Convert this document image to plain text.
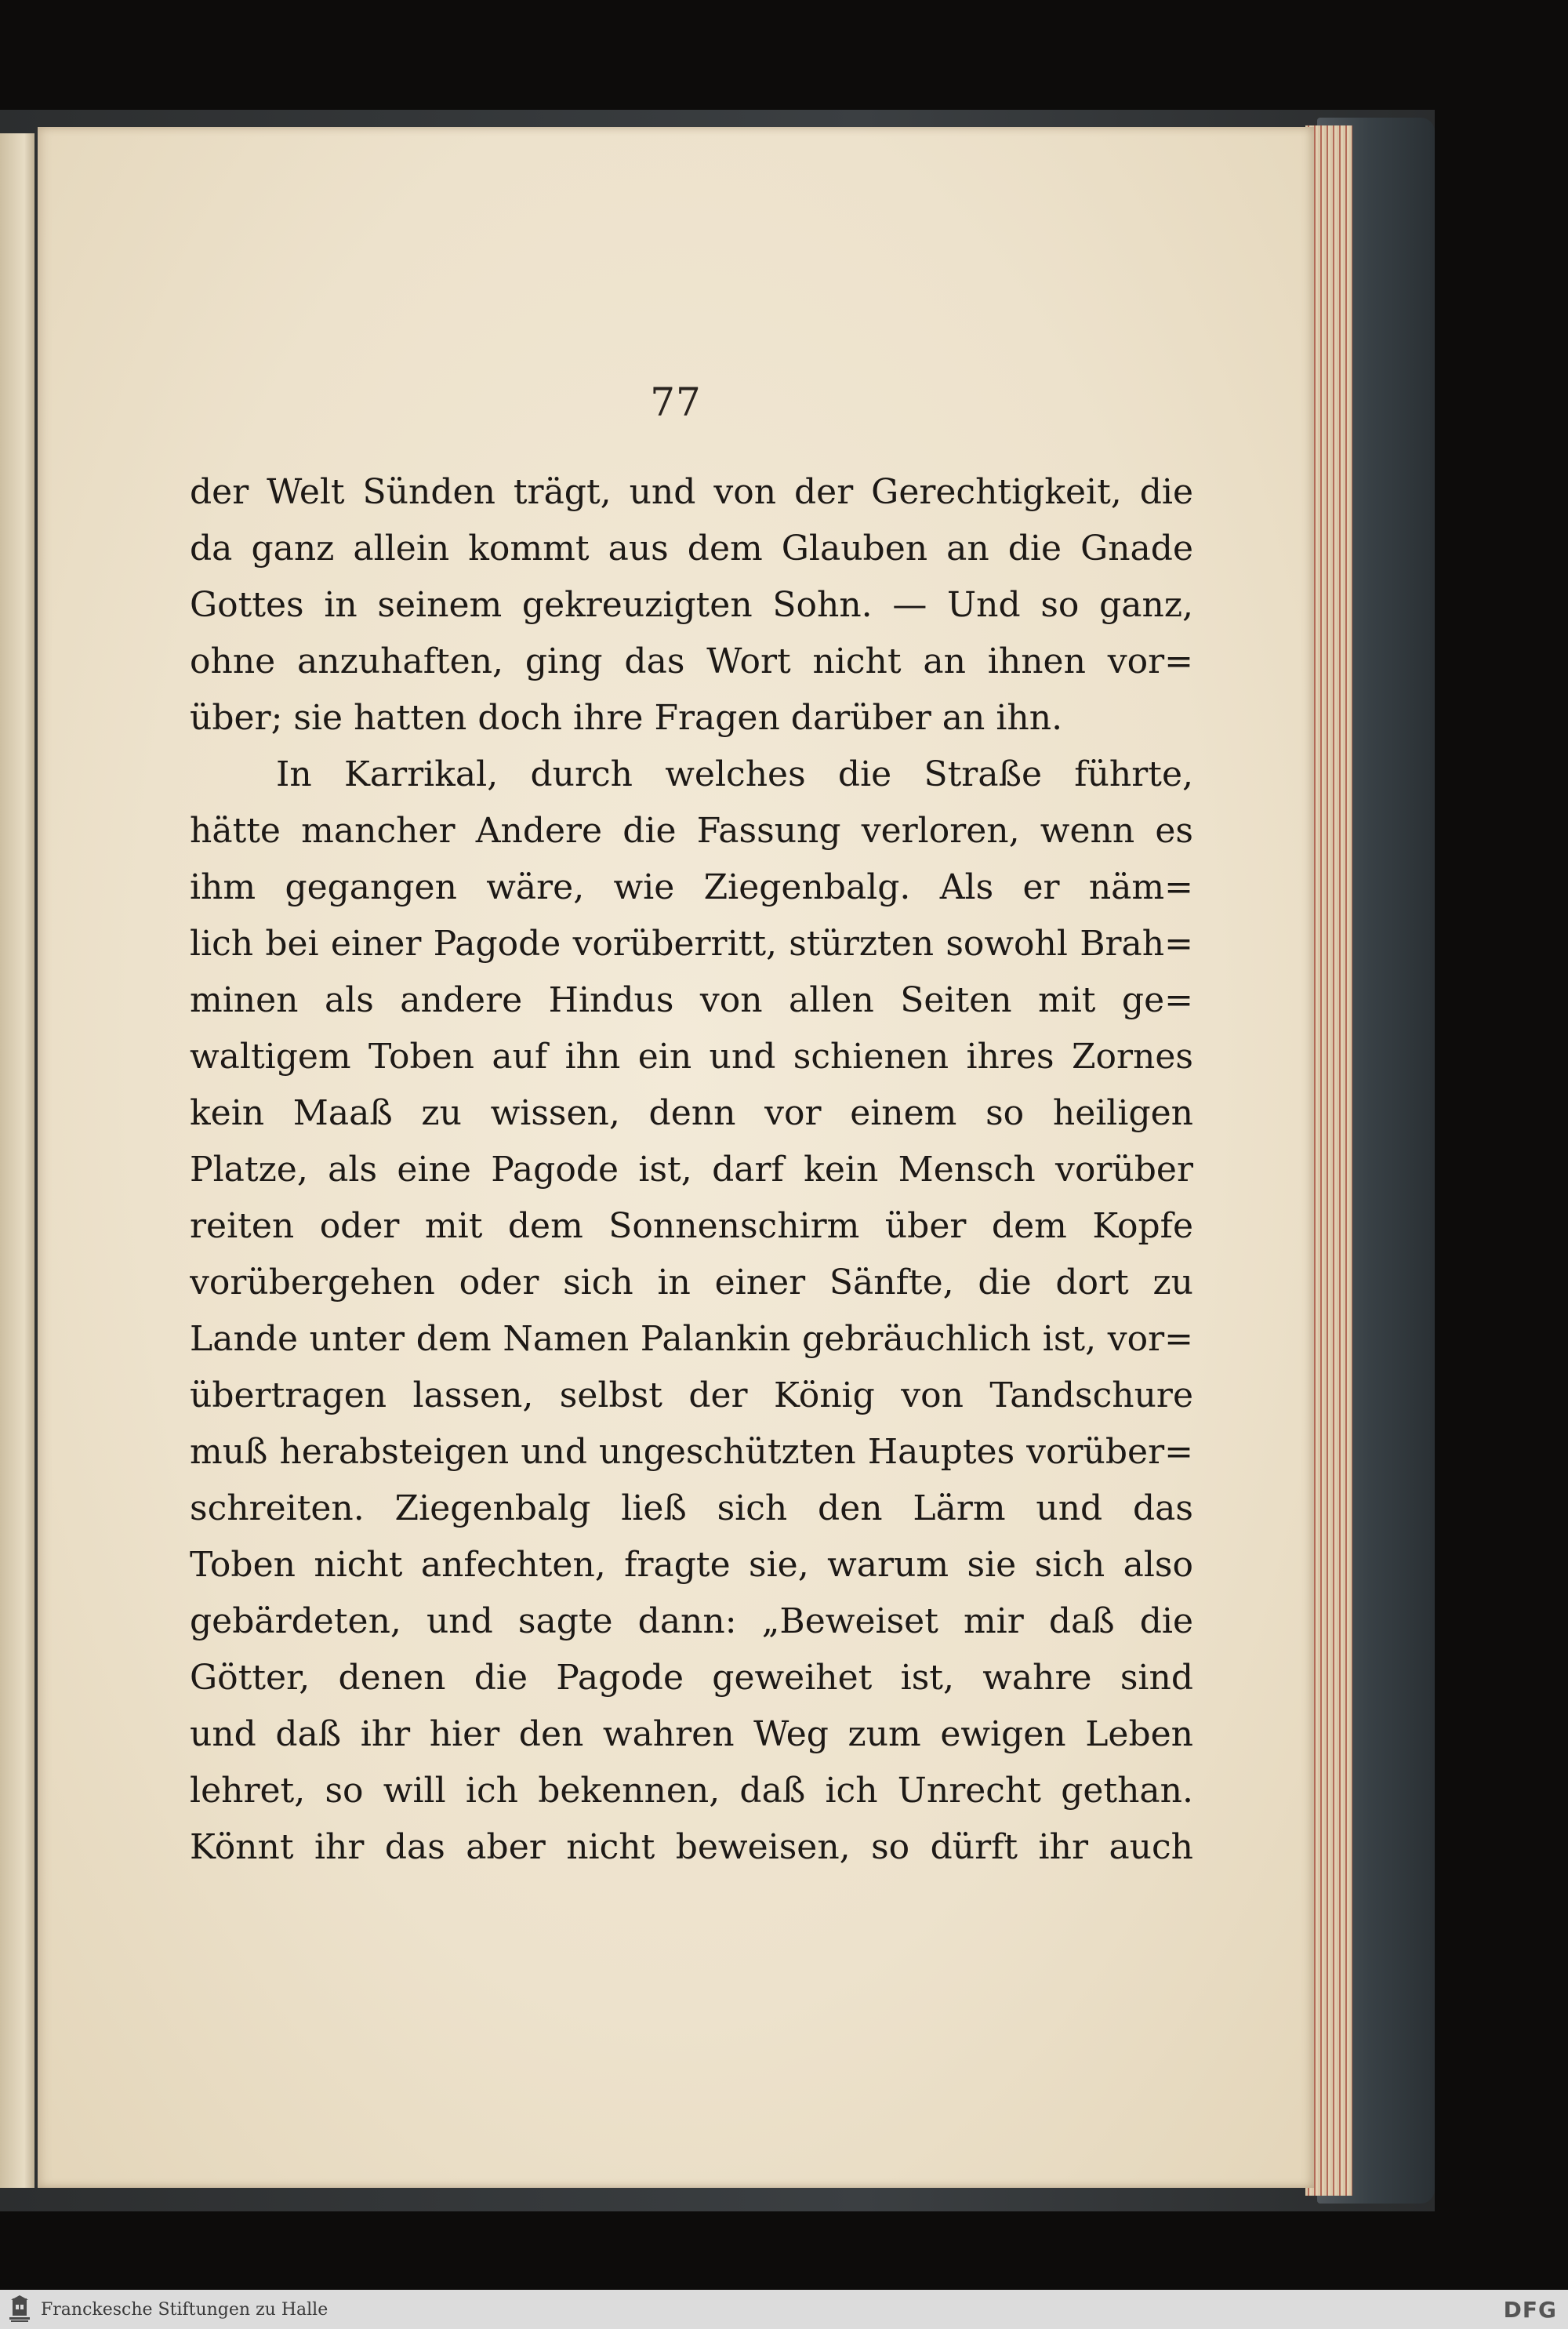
77
der Welt Sünden trägt, und von der Gerechtigkeit, die
da ganz allein kommt aus dem Glauben an die Gnade
Gottes in seinem gekreuzigten Sohn. — Und so ganz,
ohne anzuhaften, ging das Wort nicht an ihnen vor=
über; sie hatten doch ihre Fragen darüber an ihn.
In Karrikal, durch welches die Straße führte,
hätte mancher Andere die Fassung verloren, wenn es
ihm gegangen wäre, wie Ziegenbalg. Als er näm=
lich bei einer Pagode vorüberritt, stürzten sowohl Brah=
minen als andere Hindus von allen Seiten mit ge=
waltigem Toben auf ihn ein und schienen ihres Zornes
kein Maaß zu wissen, denn vor einem so heiligen
Platze, als eine Pagode ist, darf kein Mensch vorüber
reiten oder mit dem Sonnenschirm über dem Kopfe
vorübergehen oder sich in einer Sänfte, die dort zu
Lande unter dem Namen Palankin gebräuchlich ist, vor=
übertragen lassen, selbst der König von Tandschure
muß herabsteigen und ungeschützten Hauptes vorüber=
schreiten. Ziegenbalg ließ sich den Lärm und das
Toben nicht anfechten, fragte sie, warum sie sich also
gebärdeten, und sagte dann: „Beweiset mir daß die
Götter, denen die Pagode geweihet ist, wahre sind
und daß ihr hier den wahren Weg zum ewigen Leben
lehret, so will ich bekennen, daß ich Unrecht gethan.
Könnt ihr das aber nicht beweisen, so dürft ihr auch
Franckesche Stiftungen zu Halle	DFG
